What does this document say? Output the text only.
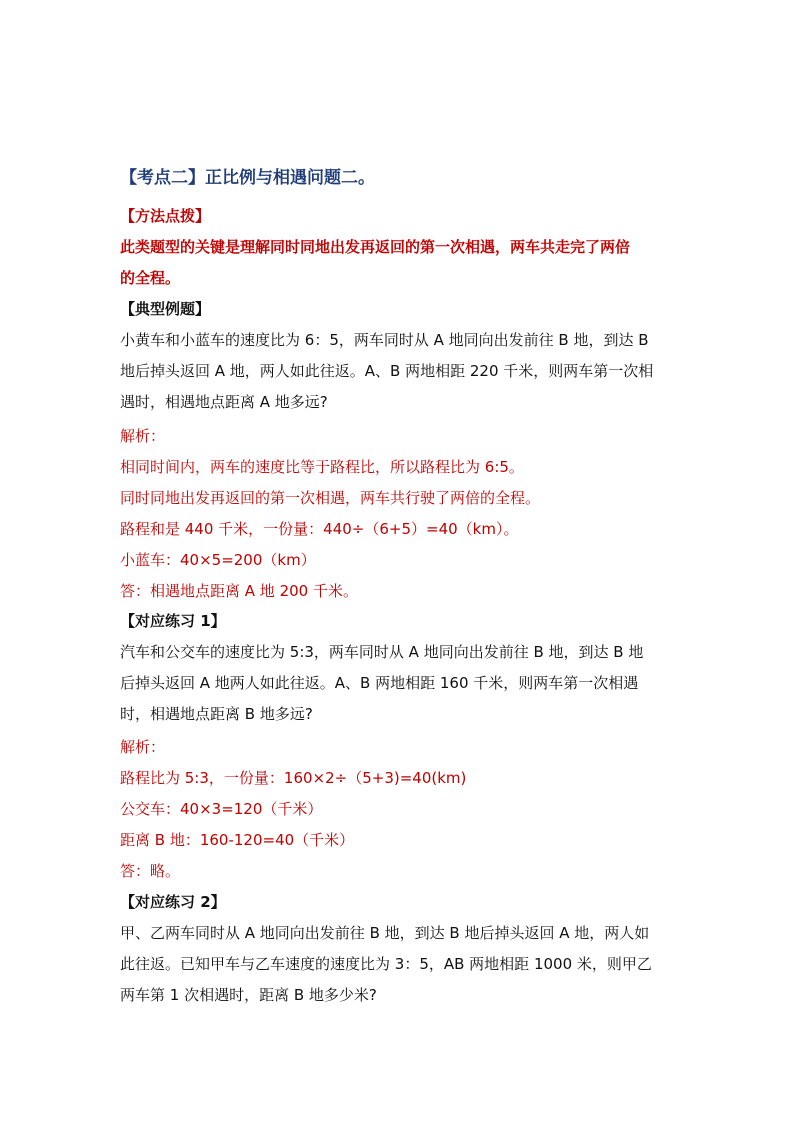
【考点二】正比例与相遇问题二。
【方法点拨】
此类题型的关键是理解同时同地出发再返回的第一次相遇，两车共走完了两倍
的全程。
【典型例题】
小黄车和小蓝车的速度比为 6：5，两车同时从 A 地同向出发前往 B 地，到达 B
地后掉头返回 A 地，两人如此往返。A、B 两地相距 220 千米，则两车第一次相
遇时，相遇地点距离 A 地多远?
解析：
相同时间内，两车的速度比等于路程比，所以路程比为 6:5。
同时同地出发再返回的第一次相遇，两车共行驶了两倍的全程。
路程和是 440 千米，一份量：440÷（6+5）=40（km）。
小蓝车：40×5=200（km）
答：相遇地点距离 A 地 200 千米。
【对应练习 1】
汽车和公交车的速度比为 5:3，两车同时从 A 地同向出发前往 B 地，到达 B 地
后掉头返回 A 地两人如此往返。A、B 两地相距 160 千米，则两车第一次相遇
时，相遇地点距离 B 地多远?
解析：
路程比为 5:3，一份量：160×2÷（5+3)=40(km)
公交车：40×3=120（千米）
距离 B 地：160-120=40（千米）
答：略。
【对应练习 2】
甲、乙两车同时从 A 地同向出发前往 B 地，到达 B 地后掉头返回 A 地，两人如
此往返。已知甲车与乙车速度的速度比为 3：5，AB 两地相距 1000 米，则甲乙
两车第 1 次相遇时，距离 B 地多少米?
